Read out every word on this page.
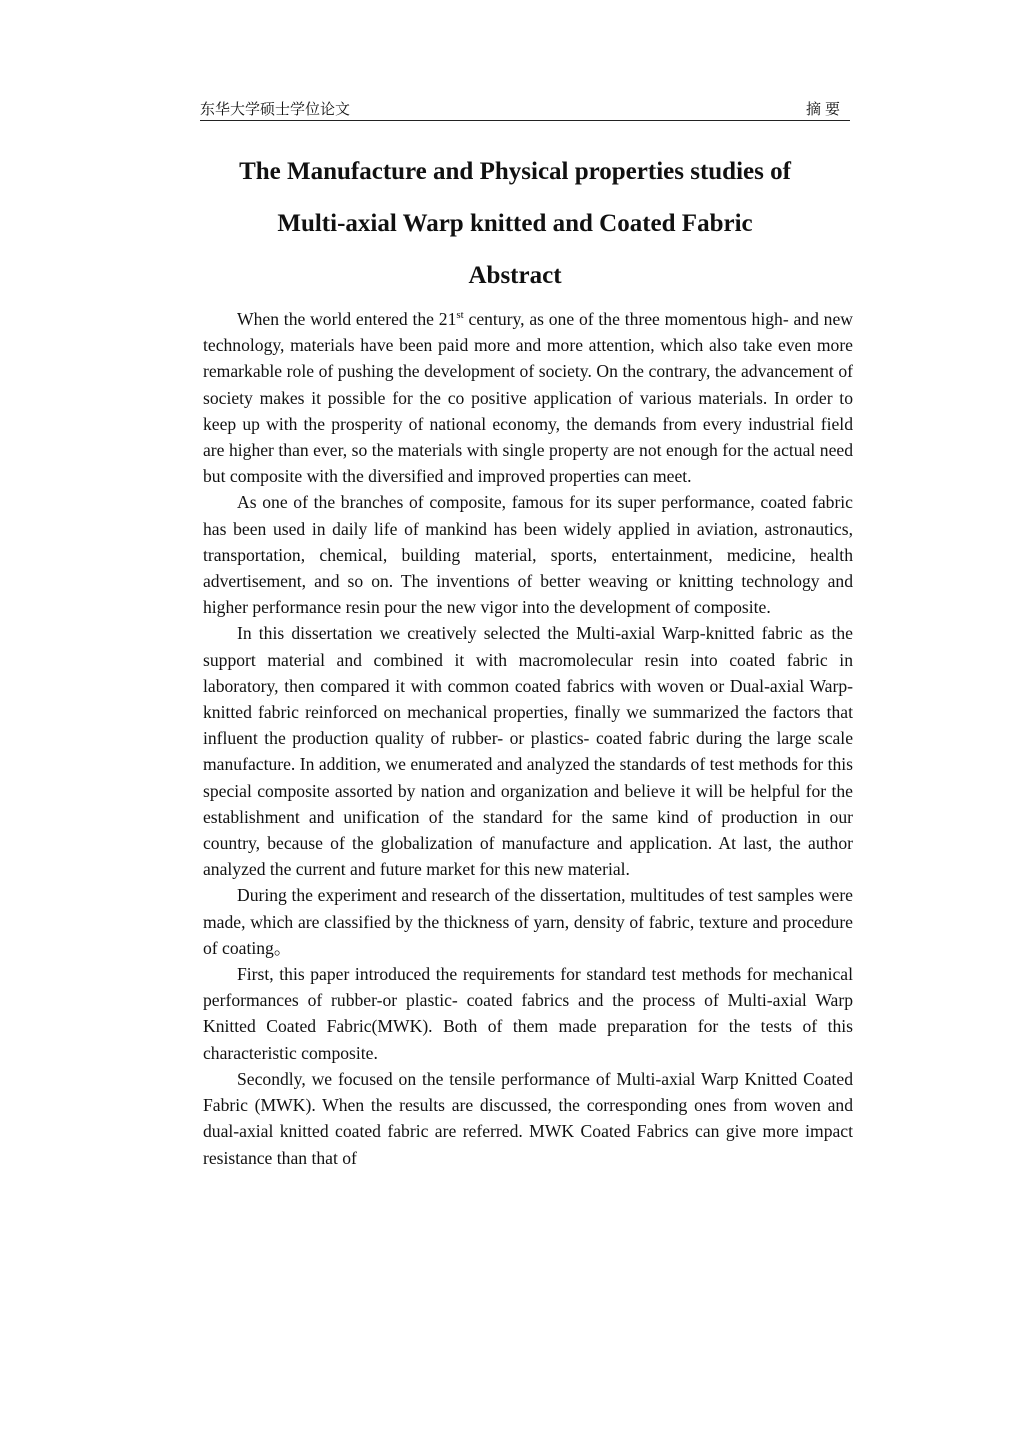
东华大学硕士学位论文	摘要
The Manufacture and Physical properties studies of
Multi-axial Warp knitted and Coated Fabric
Abstract

When the world entered the 21st century, as one of the three momentous high- and new technology, materials have been paid more and more attention, which also take even more remarkable role of pushing the development of society. On the contrary, the advancement of society makes it possible for the co positive application of various materials. In order to keep up with the prosperity of national economy, the demands from every industrial field are higher than ever, so the materials with single property are not enough for the actual need but composite with the diversified and improved properties can meet.

As one of the branches of composite, famous for its super performance, coated fabric has been used in daily life of mankind has been widely applied in aviation, astronautics, transportation, chemical, building material, sports, entertainment, medicine, health advertisement, and so on. The inventions of better weaving or knitting technology and higher performance resin pour the new vigor into the development of composite.

In this dissertation we creatively selected the Multi-axial Warp-knitted fabric as the support material and combined it with macromolecular resin into coated fabric in laboratory, then compared it with common coated fabrics with woven or Dual-axial Warp-knitted fabric reinforced on mechanical properties, finally we summarized the factors that influent the production quality of rubber- or plastics- coated fabric during the large scale manufacture. In addition, we enumerated and analyzed the standards of test methods for this special composite assorted by nation and organization and believe it will be helpful for the establishment and unification of the standard for the same kind of production in our country, because of the globalization of manufacture and application. At last, the author analyzed the current and future market for this new material.

During the experiment and research of the dissertation, multitudes of test samples were made, which are classified by the thickness of yarn, density of fabric, texture and procedure of coating。

First, this paper introduced the requirements for standard test methods for mechanical performances of rubber-or plastic- coated fabrics and the process of Multi-axial Warp Knitted Coated Fabric(MWK). Both of them made preparation for the tests of this characteristic composite.

Secondly, we focused on the tensile performance of Multi-axial Warp Knitted Coated Fabric (MWK). When the results are discussed, the corresponding ones from woven and dual-axial knitted coated fabric are referred. MWK Coated Fabrics can give more impact resistance than that of
